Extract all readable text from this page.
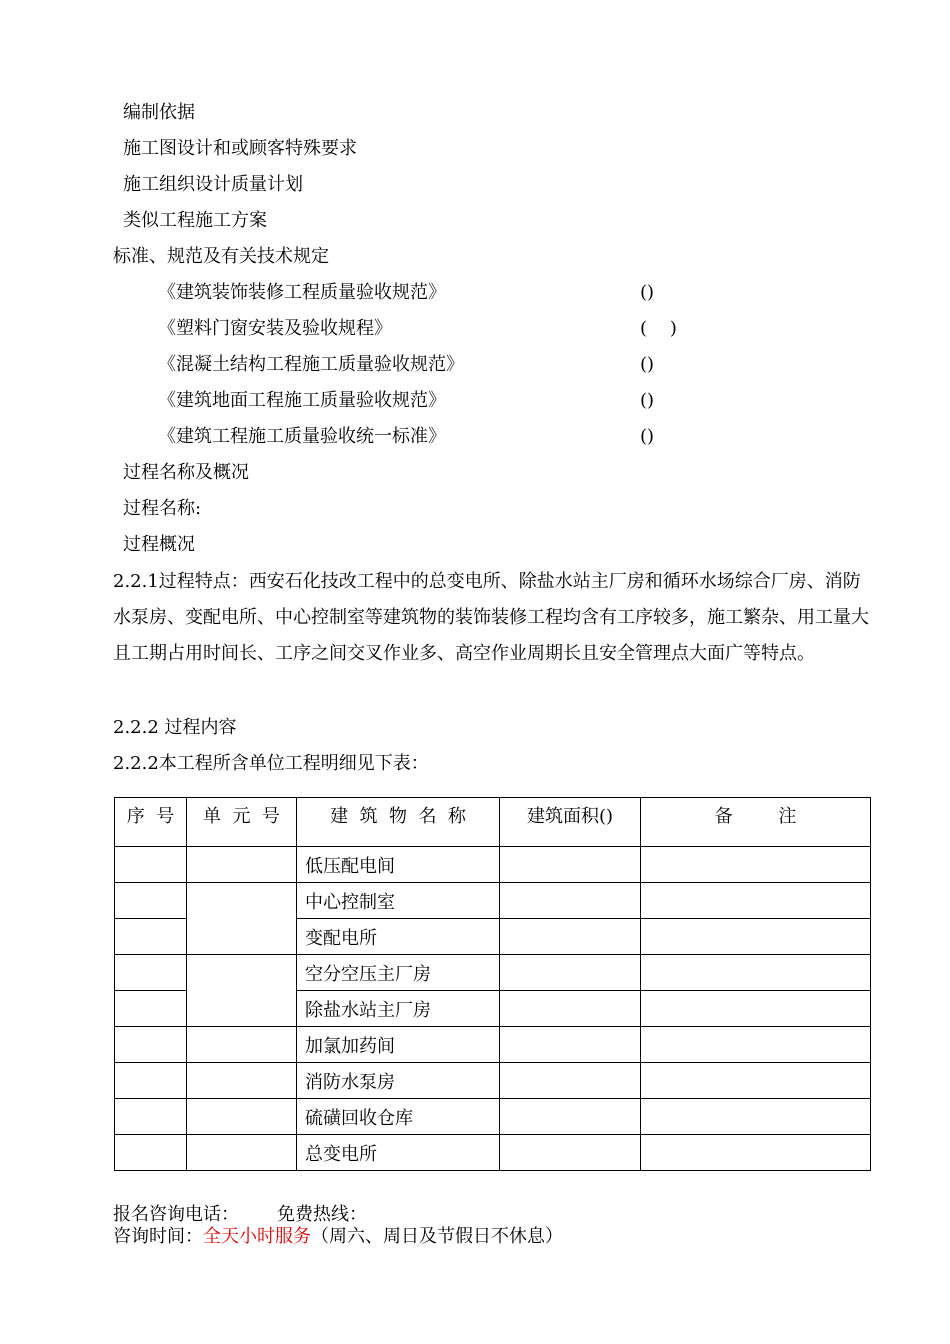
编制依据
施工图设计和或顾客特殊要求
施工组织设计质量计划
类似工程施工方案
标准、规范及有关技术规定
《建筑装饰装修工程质量验收规范》	()
《塑料门窗安装及验收规程》	(    )
《混凝土结构工程施工质量验收规范》	()
《建筑地面工程施工质量验收规范》	()
《建筑工程施工质量验收统一标准》	()
过程名称及概况
过程名称:
过程概况
2.2.1过程特点：西安石化技改工程中的总变电所、除盐水站主厂房和循环水场综合厂房、消防水泵房、变配电所、中心控制室等建筑物的装饰装修工程均含有工序较多，施工繁杂、用工量大且工期占用时间长、工序之间交叉作业多、高空作业周期长且安全管理点大面广等特点。
2.2.2 过程内容
2.2.2本工程所含单位工程明细见下表：
序  号	单  元  号	建  筑  物  名  称	建筑面积()	备        注
		低压配电间		
		中心控制室		
		变配电所		
		空分空压主厂房		
		除盐水站主厂房		
		加氯加药间		
		消防水泵房		
		硫磺回收仓库		
		总变电所		
报名咨询电话： 免费热线：
咨询时间：全天小时服务（周六、周日及节假日不休息）
